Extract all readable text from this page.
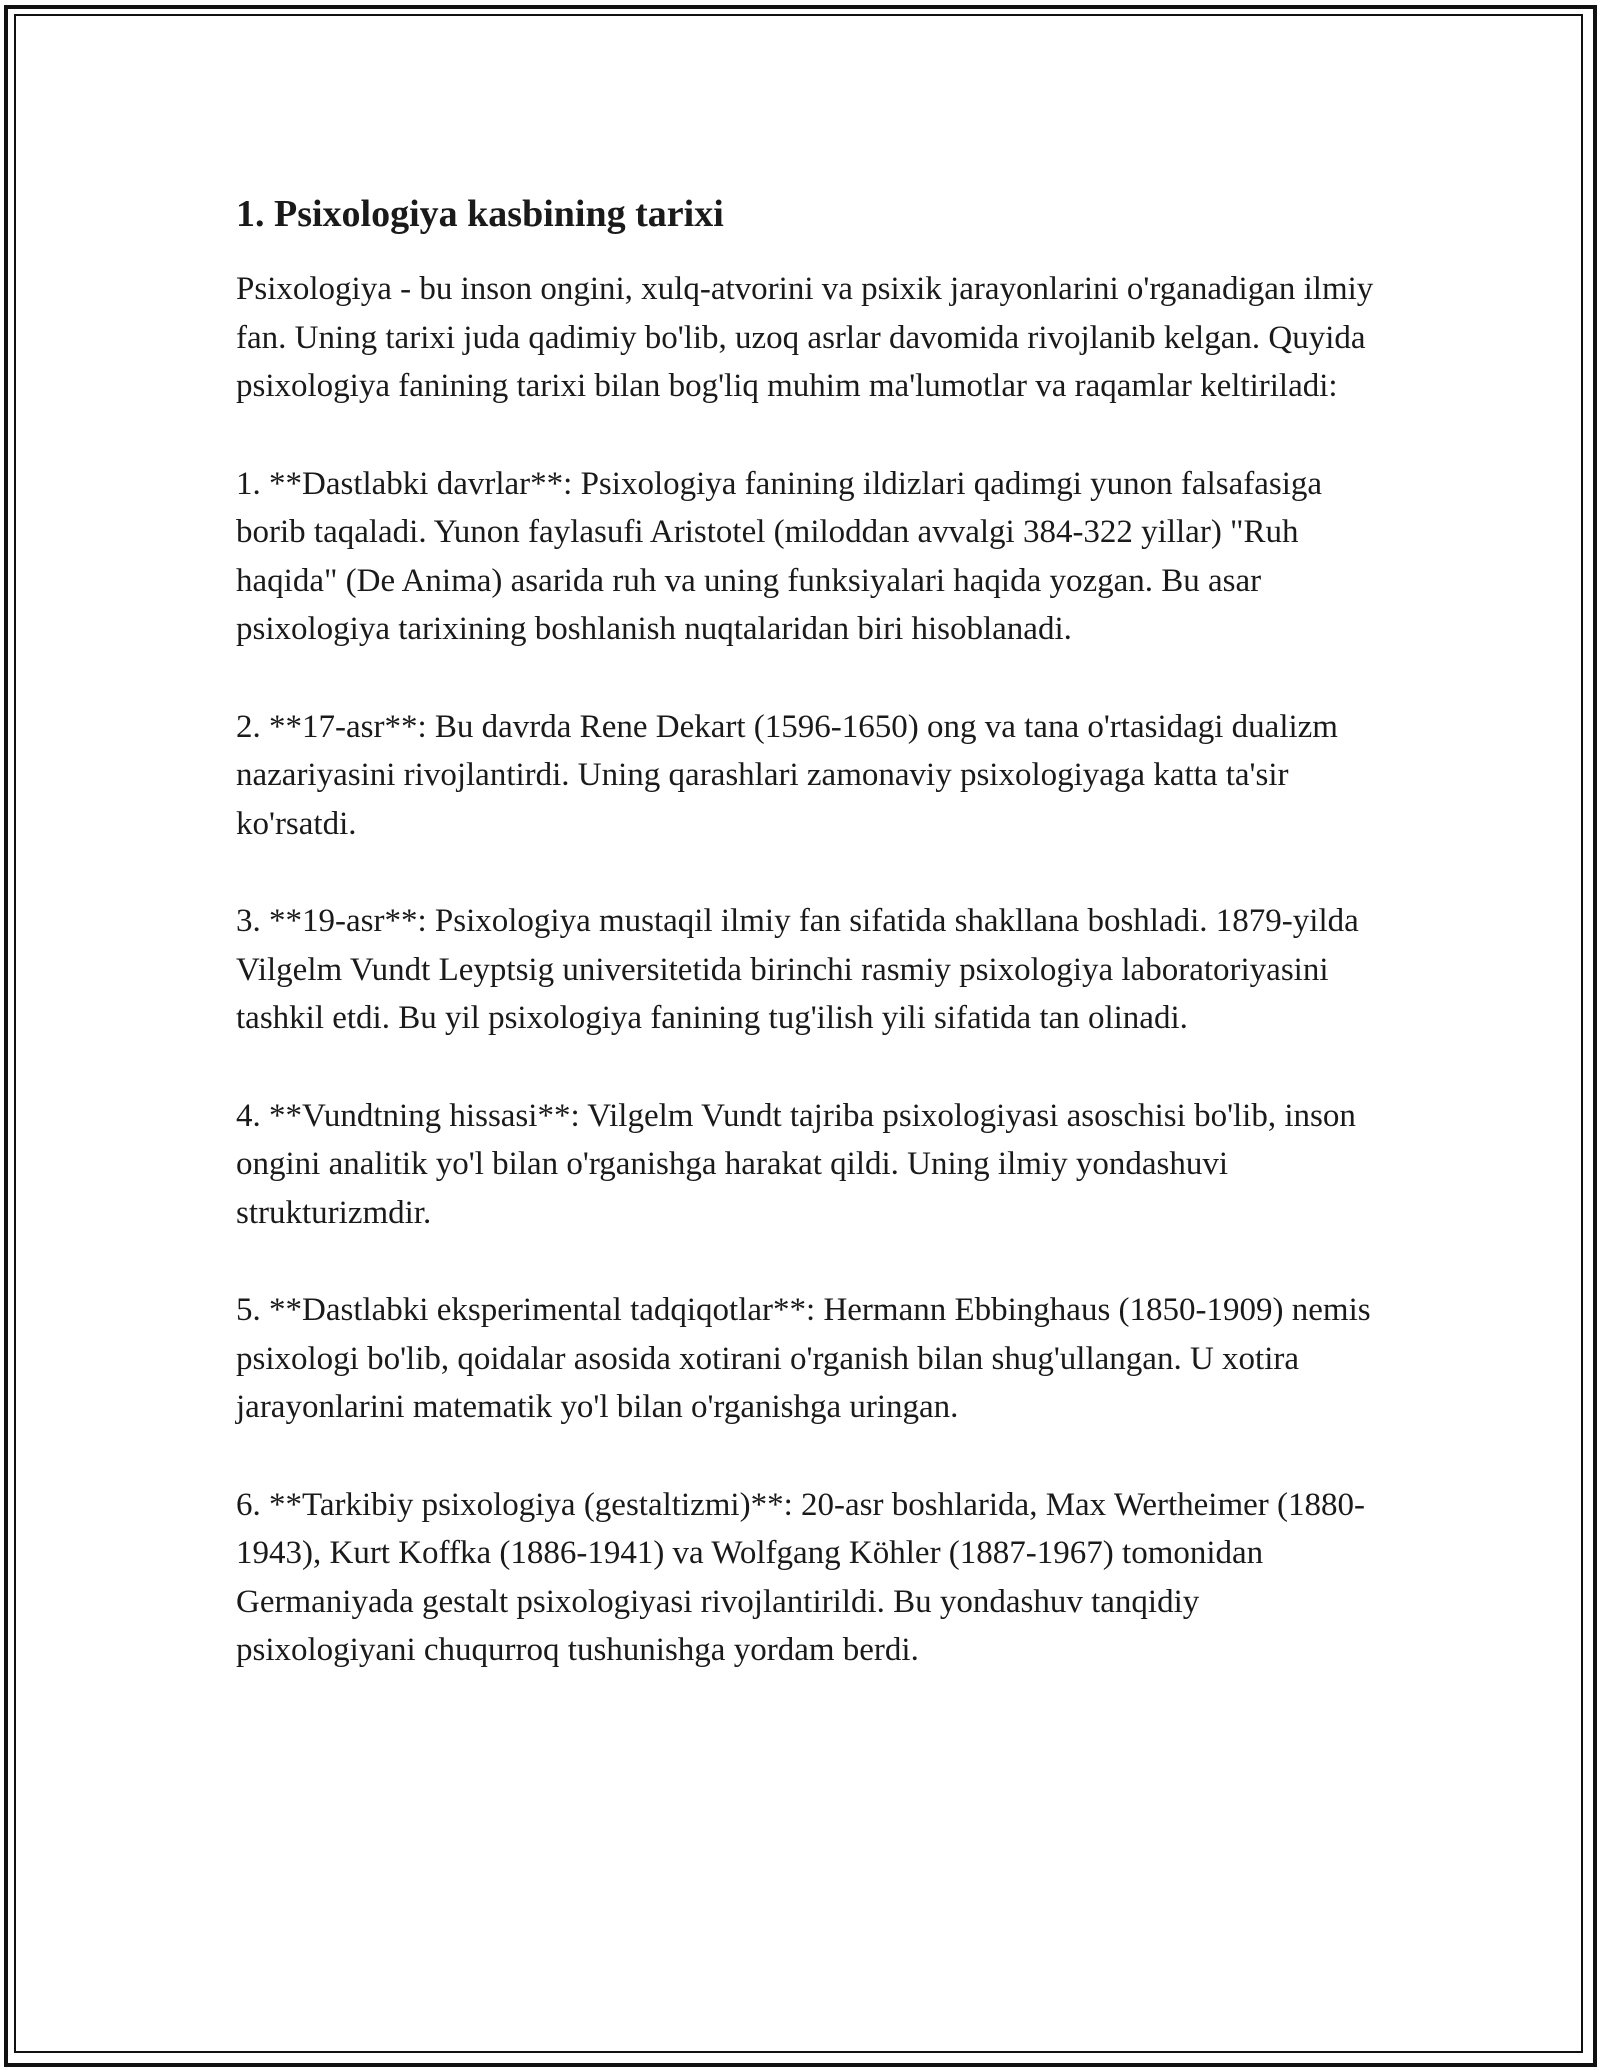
1. Psixologiya kasbining tarixi

Psixologiya - bu inson ongini, xulq-atvorini va psixik jarayonlarini o'rganadigan ilmiy fan. Uning tarixi juda qadimiy bo'lib, uzoq asrlar davomida rivojlanib kelgan. Quyida psixologiya fanining tarixi bilan bog'liq muhim ma'lumotlar va raqamlar keltiriladi:

1. **Dastlabki davrlar**: Psixologiya fanining ildizlari qadimgi yunon falsafasiga borib taqaladi. Yunon faylasufi Aristotel (miloddan avvalgi 384-322 yillar) "Ruh haqida" (De Anima) asarida ruh va uning funksiyalari haqida yozgan. Bu asar psixologiya tarixining boshlanish nuqtalaridan biri hisoblanadi.

2. **17-asr**: Bu davrda Rene Dekart (1596-1650) ong va tana o'rtasidagi dualizm nazariyasini rivojlantirdi. Uning qarashlari zamonaviy psixologiyaga katta ta'sir ko'rsatdi.

3. **19-asr**: Psixologiya mustaqil ilmiy fan sifatida shakllana boshladi. 1879-yilda Vilgelm Vundt Leyptsig universitetida birinchi rasmiy psixologiya laboratoriyasini tashkil etdi. Bu yil psixologiya fanining tug'ilish yili sifatida tan olinadi.

4. **Vundtning hissasi**: Vilgelm Vundt tajriba psixologiyasi asoschisi bo'lib, inson ongini analitik yo'l bilan o'rganishga harakat qildi. Uning ilmiy yondashuvi strukturizmdir.

5. **Dastlabki eksperimental tadqiqotlar**: Hermann Ebbinghaus (1850-1909) nemis psixologi bo'lib, qoidalar asosida xotirani o'rganish bilan shug'ullangan. U xotira jarayonlarini matematik yo'l bilan o'rganishga uringan.

6. **Tarkibiy psixologiya (gestaltizmi)**: 20-asr boshlarida, Max Wertheimer (1880-1943), Kurt Koffka (1886-1941) va Wolfgang Köhler (1887-1967) tomonidan Germaniyada gestalt psixologiyasi rivojlantirildi. Bu yondashuv tanqidiy psixologiyani chuqurroq tushunishga yordam berdi.
